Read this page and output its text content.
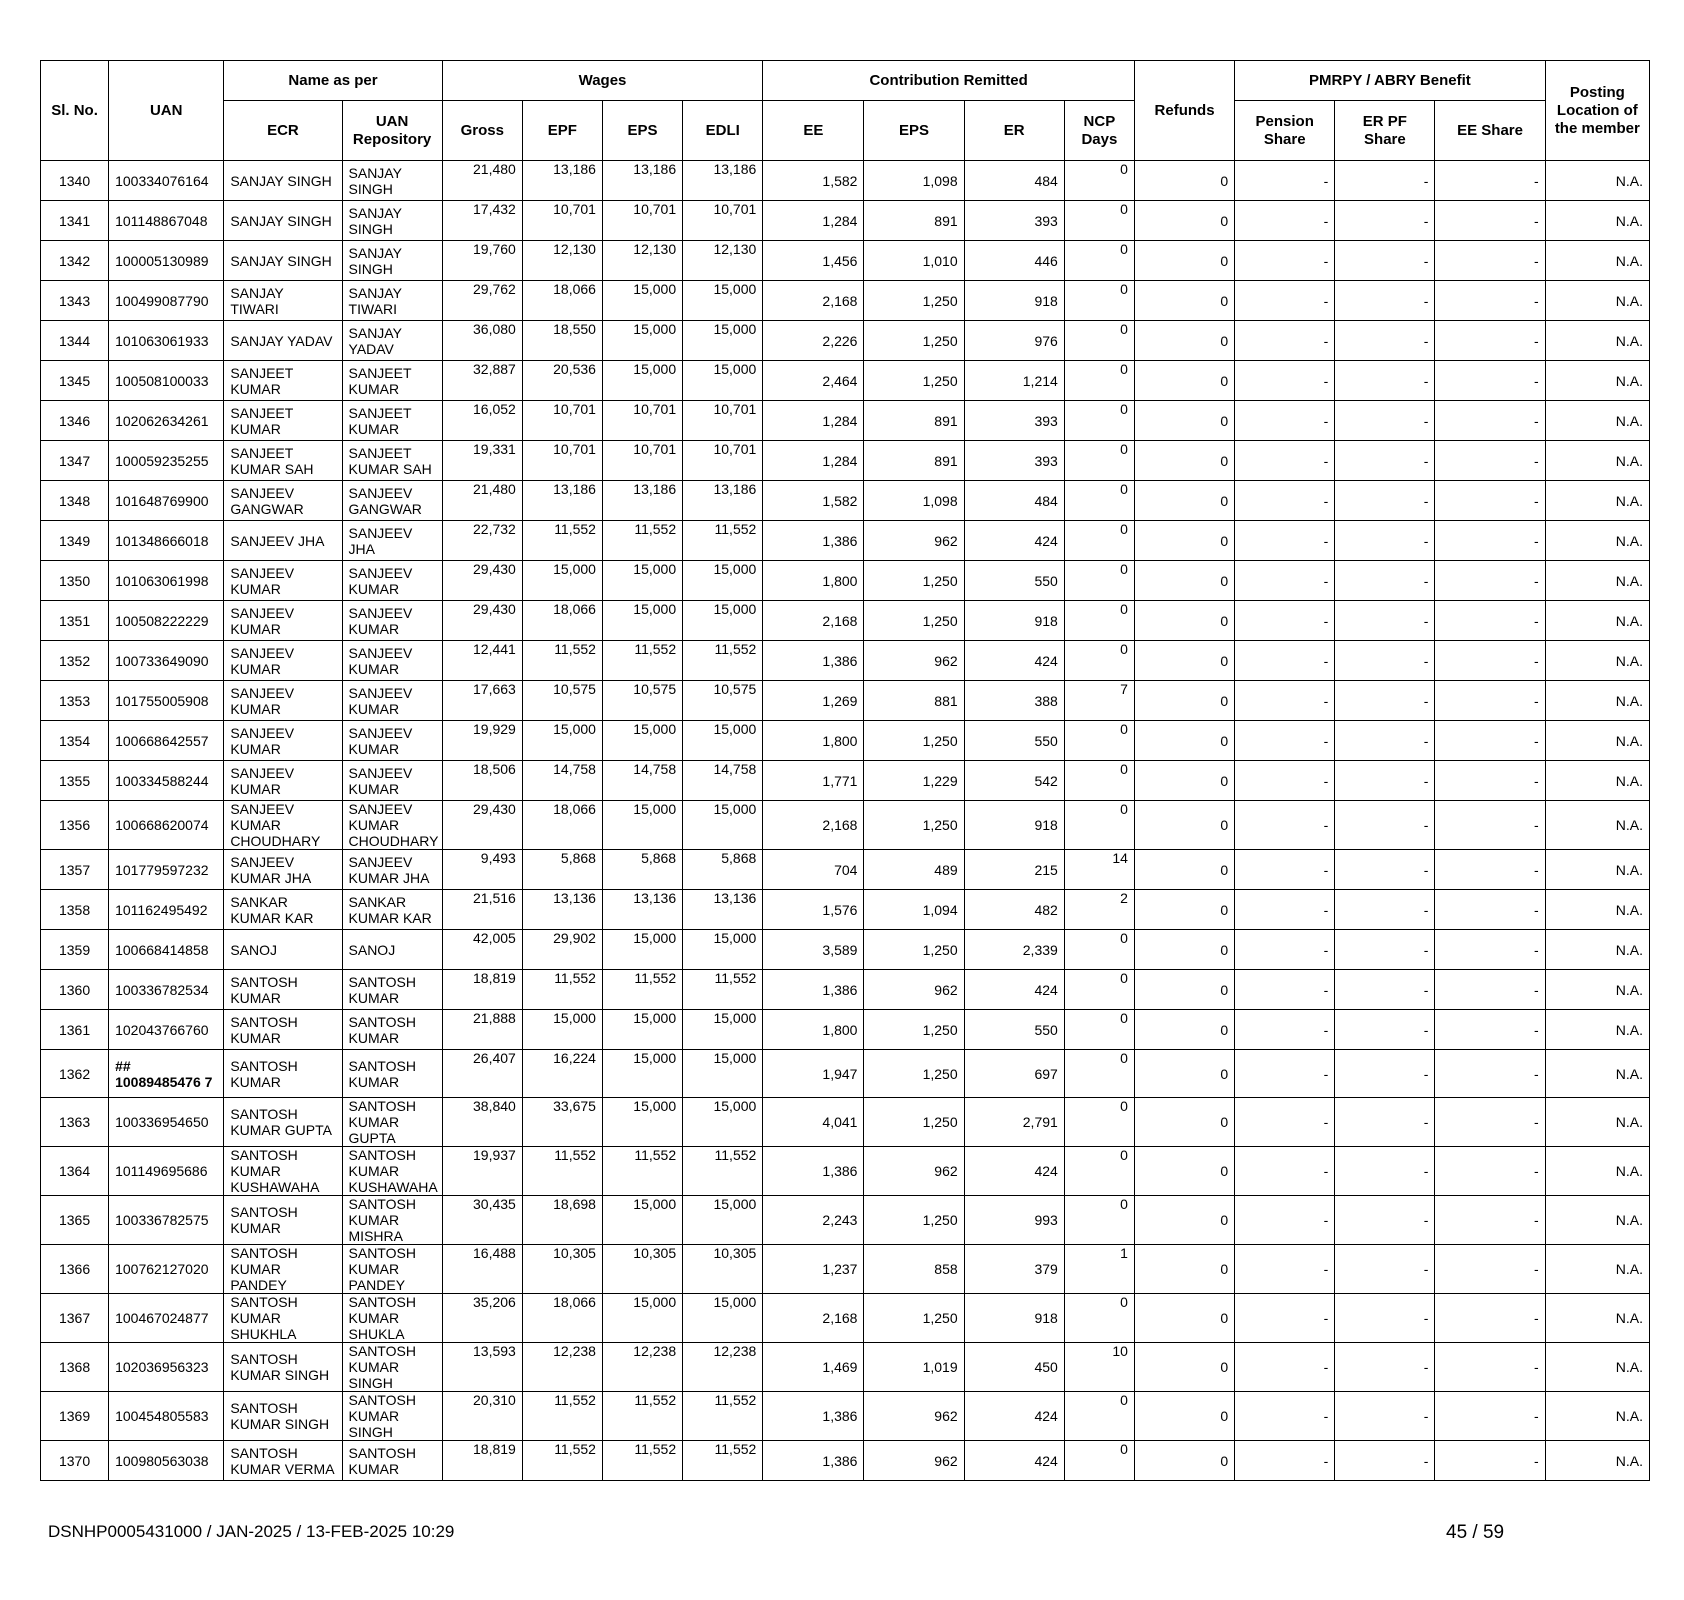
Sl. No.	UAN	Name as per		Wages				Contribution Remitted				Refunds	PMRPY / ABRY Benefit			Posting Location of the member
		ECR	UAN Repository	Gross	EPF	EPS	EDLI	EE	EPS	ER	NCP Days		Pension Share	ER PF Share	EE Share	
1340	100334076164	SANJAY SINGH	SANJAY SINGH	21,480	13,186	13,186	13,186	1,582	1,098	484	0	0	-	-	-	N.A.
1341	101148867048	SANJAY SINGH	SANJAY SINGH	17,432	10,701	10,701	10,701	1,284	891	393	0	0	-	-	-	N.A.
1342	100005130989	SANJAY SINGH	SANJAY SINGH	19,760	12,130	12,130	12,130	1,456	1,010	446	0	0	-	-	-	N.A.
1343	100499087790	SANJAY TIWARI	SANJAY TIWARI	29,762	18,066	15,000	15,000	2,168	1,250	918	0	0	-	-	-	N.A.
1344	101063061933	SANJAY YADAV	SANJAY YADAV	36,080	18,550	15,000	15,000	2,226	1,250	976	0	0	-	-	-	N.A.
1345	100508100033	SANJEET KUMAR	SANJEET KUMAR	32,887	20,536	15,000	15,000	2,464	1,250	1,214	0	0	-	-	-	N.A.
1346	102062634261	SANJEET KUMAR	SANJEET KUMAR	16,052	10,701	10,701	10,701	1,284	891	393	0	0	-	-	-	N.A.
1347	100059235255	SANJEET KUMAR SAH	SANJEET KUMAR SAH	19,331	10,701	10,701	10,701	1,284	891	393	0	0	-	-	-	N.A.
1348	101648769900	SANJEEV GANGWAR	SANJEEV GANGWAR	21,480	13,186	13,186	13,186	1,582	1,098	484	0	0	-	-	-	N.A.
1349	101348666018	SANJEEV JHA	SANJEEV JHA	22,732	11,552	11,552	11,552	1,386	962	424	0	0	-	-	-	N.A.
1350	101063061998	SANJEEV KUMAR	SANJEEV KUMAR	29,430	15,000	15,000	15,000	1,800	1,250	550	0	0	-	-	-	N.A.
1351	100508222229	SANJEEV KUMAR	SANJEEV KUMAR	29,430	18,066	15,000	15,000	2,168	1,250	918	0	0	-	-	-	N.A.
1352	100733649090	SANJEEV KUMAR	SANJEEV KUMAR	12,441	11,552	11,552	11,552	1,386	962	424	0	0	-	-	-	N.A.
1353	101755005908	SANJEEV KUMAR	SANJEEV KUMAR	17,663	10,575	10,575	10,575	1,269	881	388	7	0	-	-	-	N.A.
1354	100668642557	SANJEEV KUMAR	SANJEEV KUMAR	19,929	15,000	15,000	15,000	1,800	1,250	550	0	0	-	-	-	N.A.
1355	100334588244	SANJEEV KUMAR	SANJEEV KUMAR	18,506	14,758	14,758	14,758	1,771	1,229	542	0	0	-	-	-	N.A.
1356	100668620074	SANJEEV KUMAR CHOUDHARY	SANJEEV KUMAR CHOUDHARY	29,430	18,066	15,000	15,000	2,168	1,250	918	0	0	-	-	-	N.A.
1357	101779597232	SANJEEV KUMAR JHA	SANJEEV KUMAR JHA	9,493	5,868	5,868	5,868	704	489	215	14	0	-	-	-	N.A.
1358	101162495492	SANKAR KUMAR KAR	SANKAR KUMAR KAR	21,516	13,136	13,136	13,136	1,576	1,094	482	2	0	-	-	-	N.A.
1359	100668414858	SANOJ	SANOJ	42,005	29,902	15,000	15,000	3,589	1,250	2,339	0	0	-	-	-	N.A.
1360	100336782534	SANTOSH KUMAR	SANTOSH KUMAR	18,819	11,552	11,552	11,552	1,386	962	424	0	0	-	-	-	N.A.
1361	102043766760	SANTOSH KUMAR	SANTOSH KUMAR	21,888	15,000	15,000	15,000	1,800	1,250	550	0	0	-	-	-	N.A.
1362	## 10089485476 7	SANTOSH KUMAR	SANTOSH KUMAR	26,407	16,224	15,000	15,000	1,947	1,250	697	0	0	-	-	-	N.A.
1363	100336954650	SANTOSH KUMAR GUPTA	SANTOSH KUMAR GUPTA	38,840	33,675	15,000	15,000	4,041	1,250	2,791	0	0	-	-	-	N.A.
1364	101149695686	SANTOSH KUMAR KUSHAWAHA	SANTOSH KUMAR KUSHAWAHA	19,937	11,552	11,552	11,552	1,386	962	424	0	0	-	-	-	N.A.
1365	100336782575	SANTOSH KUMAR	SANTOSH KUMAR MISHRA	30,435	18,698	15,000	15,000	2,243	1,250	993	0	0	-	-	-	N.A.
1366	100762127020	SANTOSH KUMAR PANDEY	SANTOSH KUMAR PANDEY	16,488	10,305	10,305	10,305	1,237	858	379	1	0	-	-	-	N.A.
1367	100467024877	SANTOSH KUMAR SHUKHLA	SANTOSH KUMAR SHUKLA	35,206	18,066	15,000	15,000	2,168	1,250	918	0	0	-	-	-	N.A.
1368	102036956323	SANTOSH KUMAR SINGH	SANTOSH KUMAR SINGH	13,593	12,238	12,238	12,238	1,469	1,019	450	10	0	-	-	-	N.A.
1369	100454805583	SANTOSH KUMAR SINGH	SANTOSH KUMAR SINGH	20,310	11,552	11,552	11,552	1,386	962	424	0	0	-	-	-	N.A.
1370	100980563038	SANTOSH KUMAR VERMA	SANTOSH KUMAR	18,819	11,552	11,552	11,552	1,386	962	424	0	0	-	-	-	N.A.
DSNHP0005431000 / JAN-2025 / 13-FEB-2025 10:29	45 / 59
